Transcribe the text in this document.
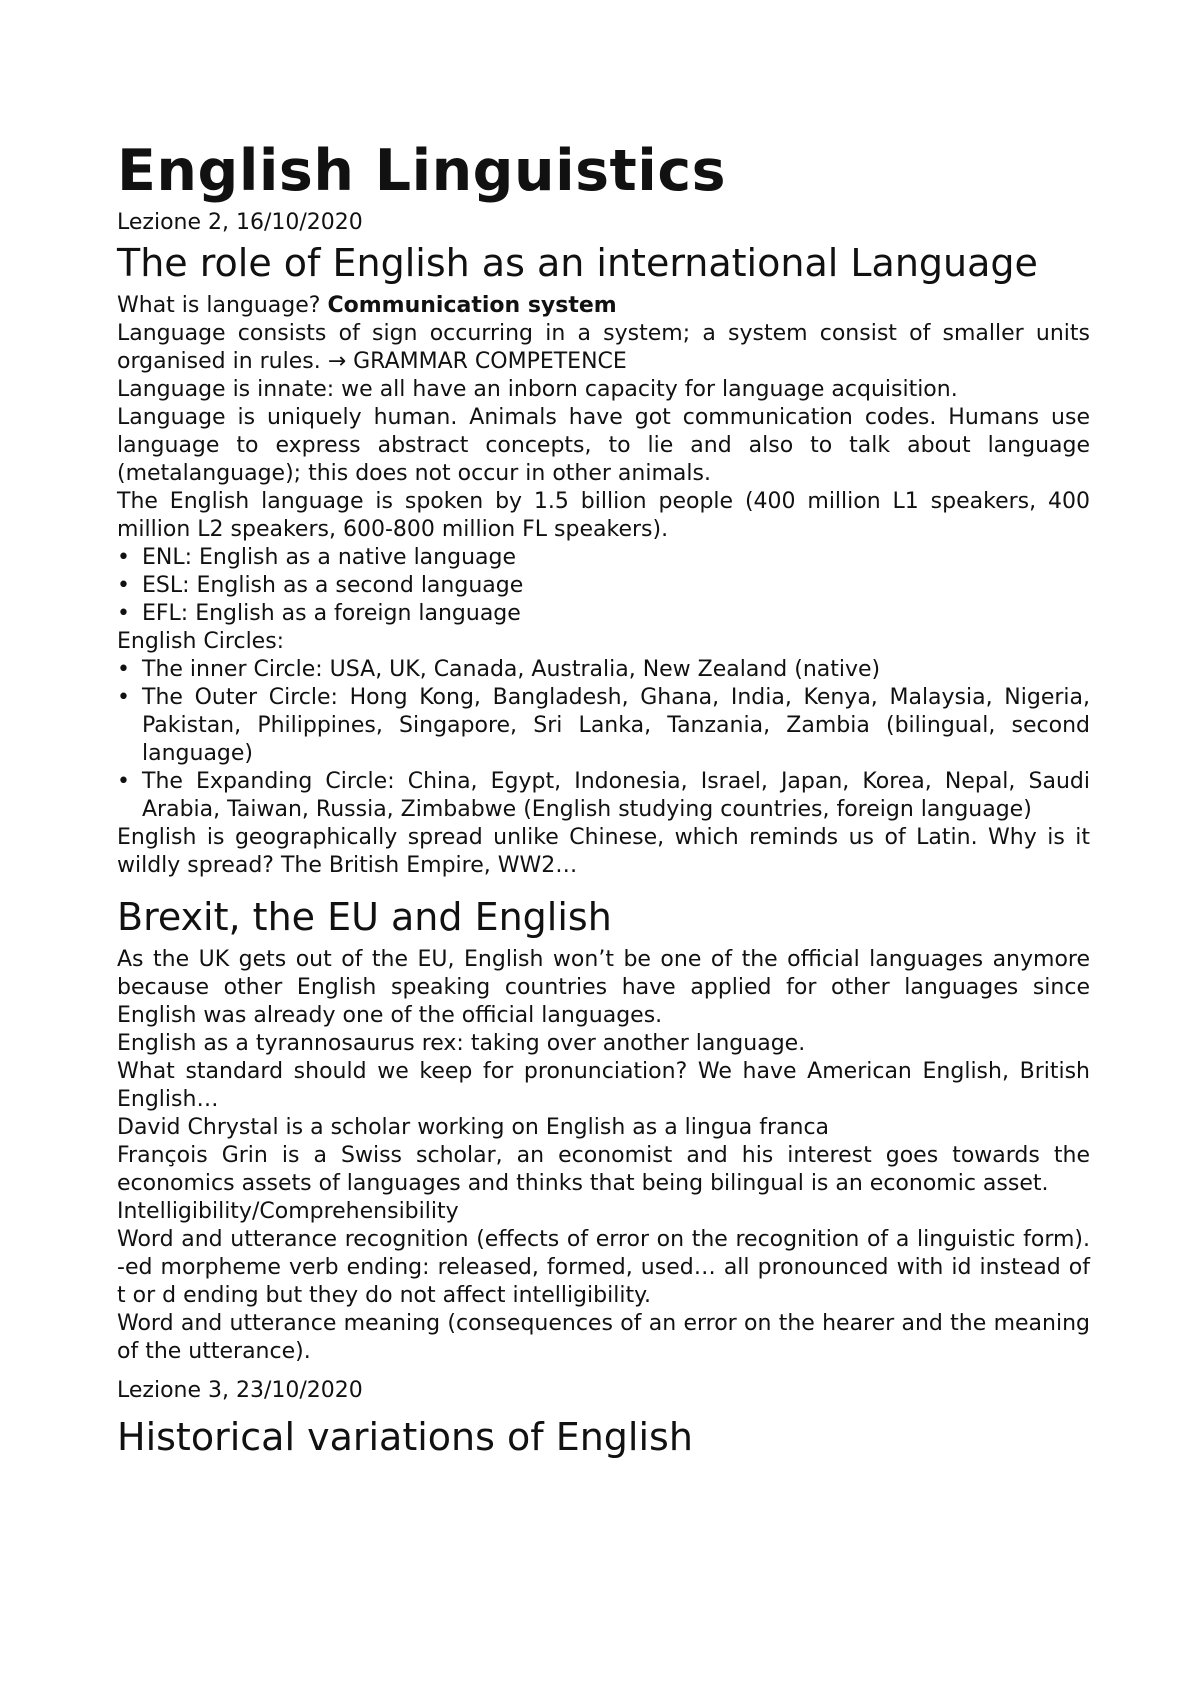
English Linguistics
Lezione 2, 16/10/2020
The role of English as an international Language

What is language? Communication system

Language consists of sign occurring in a system; a system consist of smaller units organised in rules. → GRAMMAR COMPETENCE

Language is innate: we all have an inborn capacity for language acquisition.

Language is uniquely human. Animals have got communication codes. Humans use language to express abstract concepts, to lie and also to talk about language (metalanguage); this does not occur in other animals.

The English language is spoken by 1.5 billion people (400 million L1 speakers, 400 million L2 speakers, 600-800 million FL speakers).

• ENL: English as a native language
• ESL: English as a second language
• EFL: English as a foreign language

English Circles:

• The inner Circle: USA, UK, Canada, Australia, New Zealand (native)
• The Outer Circle: Hong Kong, Bangladesh, Ghana, India, Kenya, Malaysia, Nigeria, Pakistan, Philippines, Singapore, Sri Lanka, Tanzania, Zambia (bilingual, second language)
• The Expanding Circle: China, Egypt, Indonesia, Israel, Japan, Korea, Nepal, Saudi Arabia, Taiwan, Russia, Zimbabwe (English studying countries, foreign language)

English is geographically spread unlike Chinese, which reminds us of Latin. Why is it wildly spread? The British Empire, WW2…

Brexit, the EU and English

As the UK gets out of the EU, English won’t be one of the official languages anymore because other English speaking countries have applied for other languages since English was already one of the official languages.

English as a tyrannosaurus rex: taking over another language.

What standard should we keep for pronunciation? We have American English, British English…

David Chrystal is a scholar working on English as a lingua franca

François Grin is a Swiss scholar, an economist and his interest goes towards the economics assets of languages and thinks that being bilingual is an economic asset.

Intelligibility/Comprehensibility

Word and utterance recognition (effects of error on the recognition of a linguistic form). -ed morpheme verb ending: released, formed, used… all pronounced with id instead of t or d ending but they do not affect intelligibility.

Word and utterance meaning (consequences of an error on the hearer and the meaning of the utterance).

Lezione 3, 23/10/2020
Historical variations of English
